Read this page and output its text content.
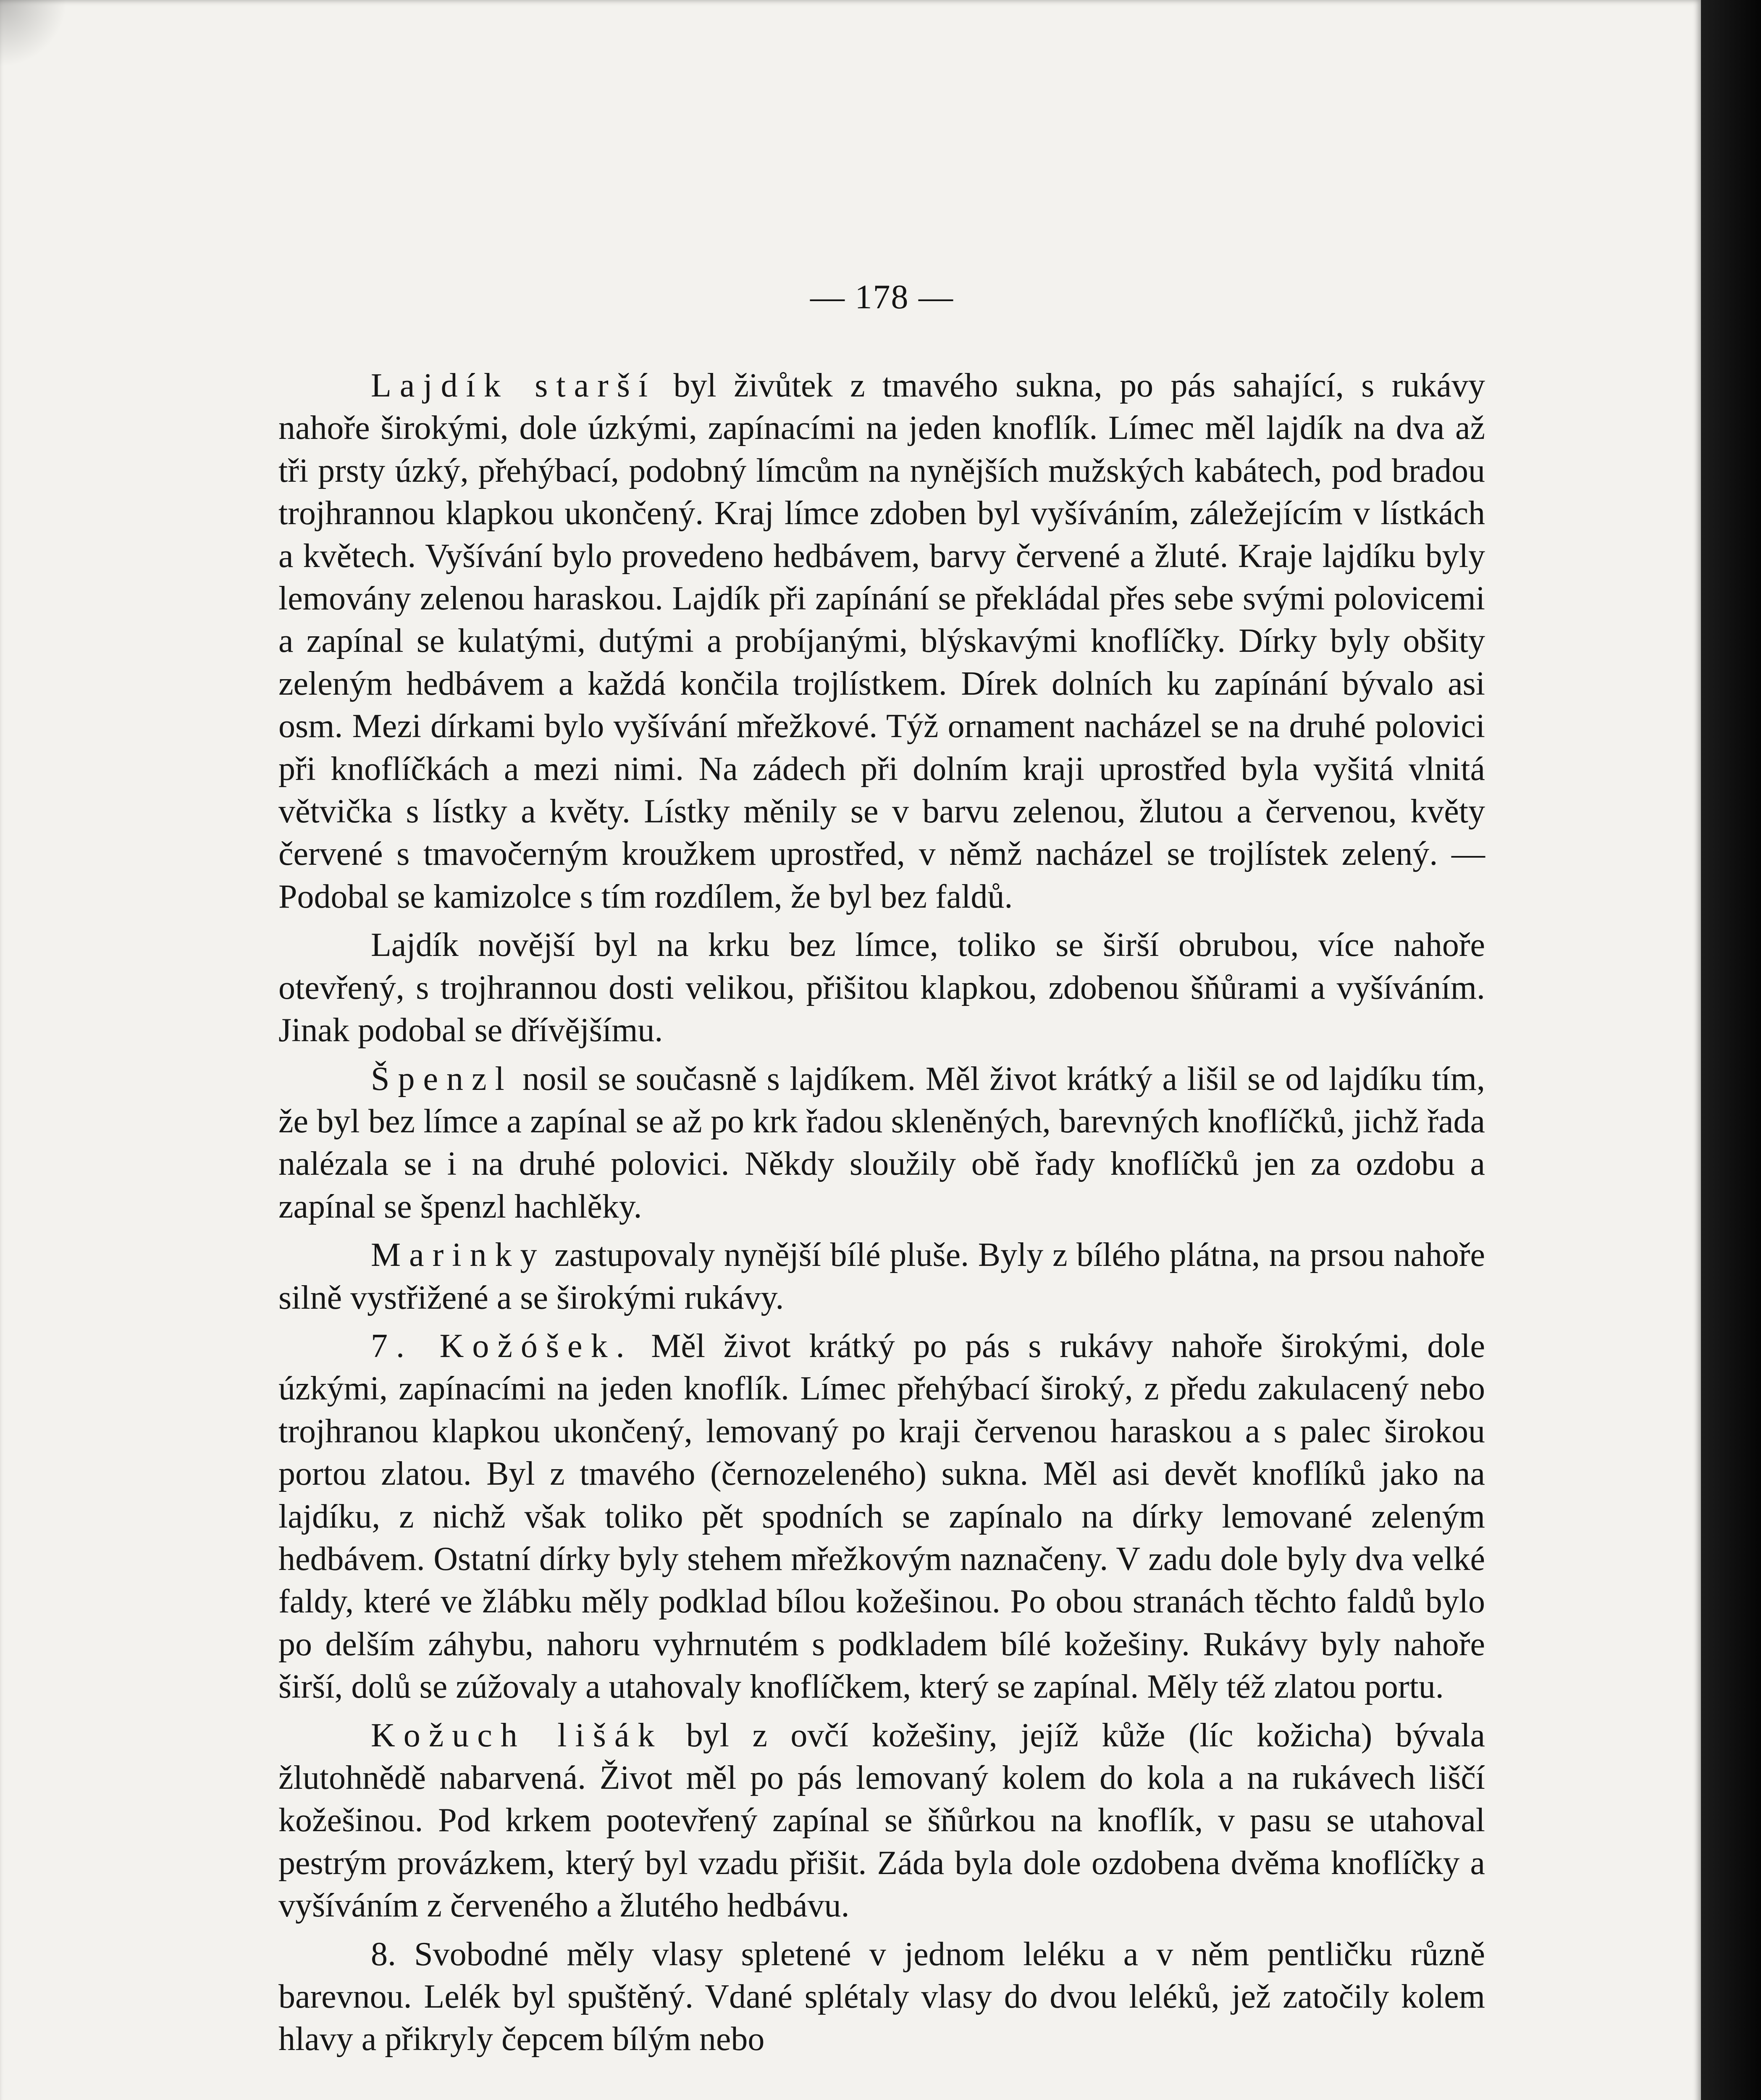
— 178 —

Lajdík starší byl živůtek z tmavého sukna, po pás sahající, s rukávy nahoře širokými, dole úzkými, zapínacími na jeden knoflík. Límec měl lajdík na dva až tři prsty úzký, přehýbací, podobný límcům na nynějších mužských kabátech, pod bradou trojhrannou klapkou ukončený. Kraj límce zdoben byl vyšíváním, záležejícím v lístkách a květech. Vyšívání bylo provedeno hedbávem, barvy červené a žluté. Kraje lajdíku byly lemovány zelenou haraskou. Lajdík při zapínání se překládal přes sebe svými polovicemi a zapínal se kulatými, dutými a probíjanými, blýskavými knoflíčky. Dírky byly obšity zeleným hedbávem a každá končila trojlístkem. Dírek dolních ku zapínání bývalo asi osm. Mezi dírkami bylo vyšívání mřežkové. Týž ornament nacházel se na druhé polovici při knoflíčkách a mezi nimi. Na zádech při dolním kraji uprostřed byla vyšitá vlnitá větvička s lístky a květy. Lístky měnily se v barvu zelenou, žlutou a červenou, květy červené s tmavočerným kroužkem uprostřed, v němž nacházel se trojlístek zelený. — Podobal se kamizolce s tím rozdílem, že byl bez faldů.

Lajdík novější byl na krku bez límce, toliko se širší obrubou, více nahoře otevřený, s trojhrannou dosti velikou, přišitou klapkou, zdobenou šňůrami a vyšíváním. Jinak podobal se dřívějšímu.

Špenzl nosil se současně s lajdíkem. Měl život krátký a lišil se od lajdíku tím, že byl bez límce a zapínal se až po krk řadou skleněných, barevných knoflíčků, jichž řada nalézala se i na druhé polovici. Někdy sloužily obě řady knoflíčků jen za ozdobu a zapínal se špenzl hachlěky.

Marinky zastupovaly nynější bílé pluše. Byly z bílého plátna, na prsou nahoře silně vystřižené a se širokými rukávy.

7. Kožóšek. Měl život krátký po pás s rukávy nahoře širokými, dole úzkými, zapínacími na jeden knoflík. Límec přehýbací široký, z předu zakulacený nebo trojhranou klapkou ukončený, lemovaný po kraji červenou haraskou a s palec širokou portou zlatou. Byl z tmavého (černozeleného) sukna. Měl asi devět knoflíků jako na lajdíku, z nichž však toliko pět spodních se zapínalo na dírky lemované zeleným hedbávem. Ostatní dírky byly stehem mřežkovým naznačeny. V zadu dole byly dva velké faldy, které ve žlábku měly podklad bílou kožešinou. Po obou stranách těchto faldů bylo po delším záhybu, nahoru vyhrnutém s podkladem bílé kožešiny. Rukávy byly nahoře širší, dolů se zúžovaly a utahovaly knoflíčkem, který se zapínal. Měly též zlatou portu.

Kožuch lišák byl z ovčí kožešiny, jejíž kůže (líc kožicha) bývala žlutohnědě nabarvená. Život měl po pás lemovaný kolem do kola a na rukávech liščí kožešinou. Pod krkem pootevřený zapínal se šňůrkou na knoflík, v pasu se utahoval pestrým provázkem, který byl vzadu přišit. Záda byla dole ozdobena dvěma knoflíčky a vyšíváním z červeného a žlutého hedbávu.

8. Svobodné měly vlasy spletené v jednom leléku a v něm pentličku různě barevnou. Lelék byl spuštěný. Vdané splétaly vlasy do dvou leléků, jež zatočily kolem hlavy a přikryly čepcem bílým nebo
